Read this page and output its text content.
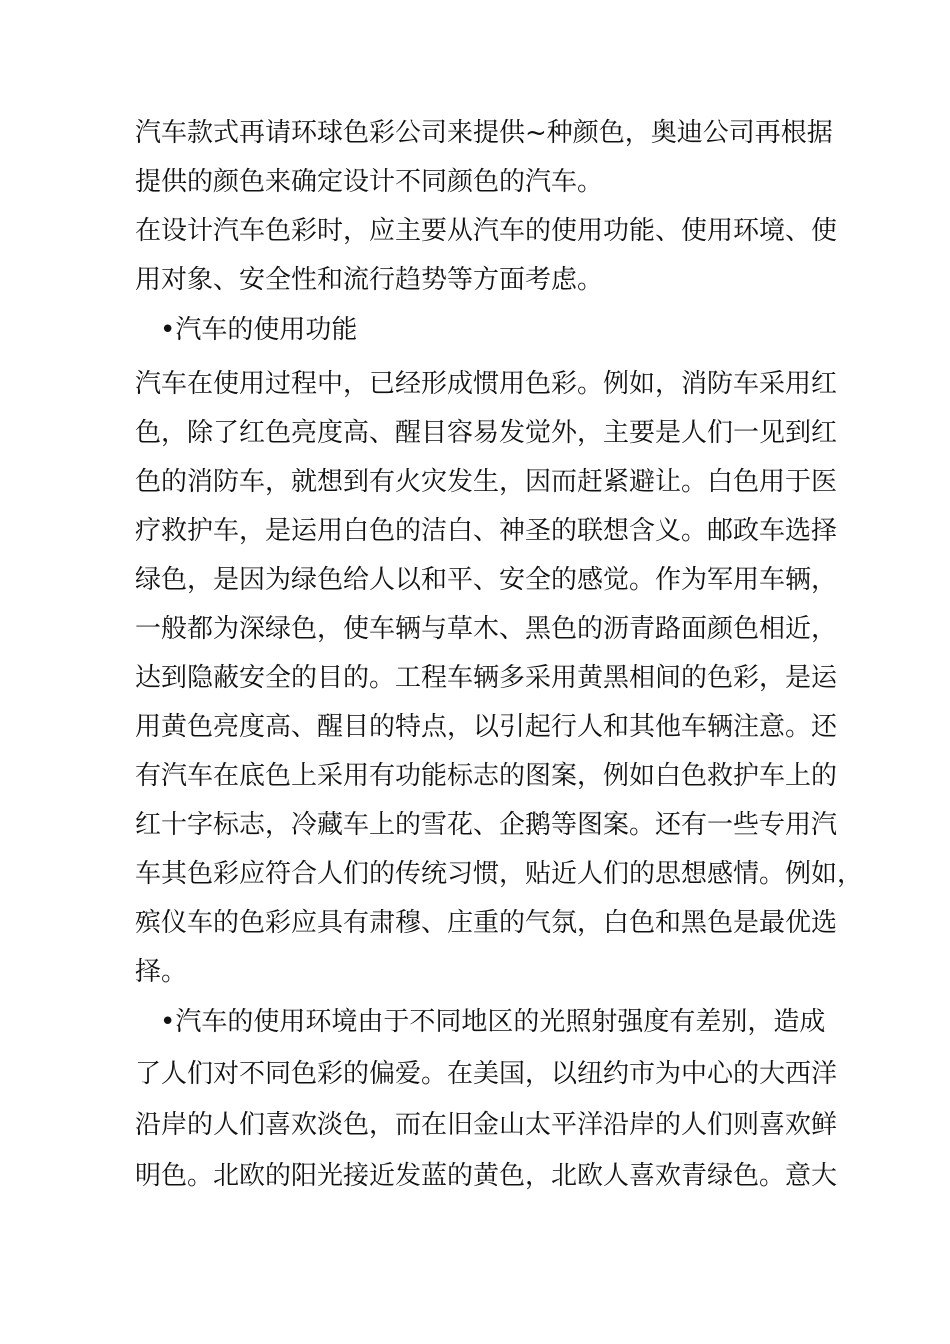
汽车款式再请环球色彩公司来提供~种颜色，奥迪公司再根据
提供的颜色来确定设计不同颜色的汽车。
在设计汽车色彩时，应主要从汽车的使用功能、使用环境、使
用对象、安全性和流行趋势等方面考虑。
•汽车的使用功能
汽车在使用过程中，已经形成惯用色彩。例如，消防车采用红
色，除了红色亮度高、醒目容易发觉外，主要是人们一见到红
色的消防车，就想到有火灾发生，因而赶紧避让。白色用于医
疗救护车，是运用白色的洁白、神圣的联想含义。邮政车选择
绿色，是因为绿色给人以和平、安全的感觉。作为军用车辆，
一般都为深绿色，使车辆与草木、黑色的沥青路面颜色相近，
达到隐蔽安全的目的。工程车辆多采用黄黑相间的色彩，是运
用黄色亮度高、醒目的特点，以引起行人和其他车辆注意。还
有汽车在底色上采用有功能标志的图案，例如白色救护车上的
红十字标志，冷藏车上的雪花、企鹅等图案。还有一些专用汽
车其色彩应符合人们的传统习惯，贴近人们的思想感情。例如，
殡仪车的色彩应具有肃穆、庄重的气氛，白色和黑色是最优选
择。
•汽车的使用环境由于不同地区的光照射强度有差别，造成
了人们对不同色彩的偏爱。在美国，以纽约市为中心的大西洋
沿岸的人们喜欢淡色，而在旧金山太平洋沿岸的人们则喜欢鲜
明色。北欧的阳光接近发蓝的黄色，北欧人喜欢青绿色。意大
